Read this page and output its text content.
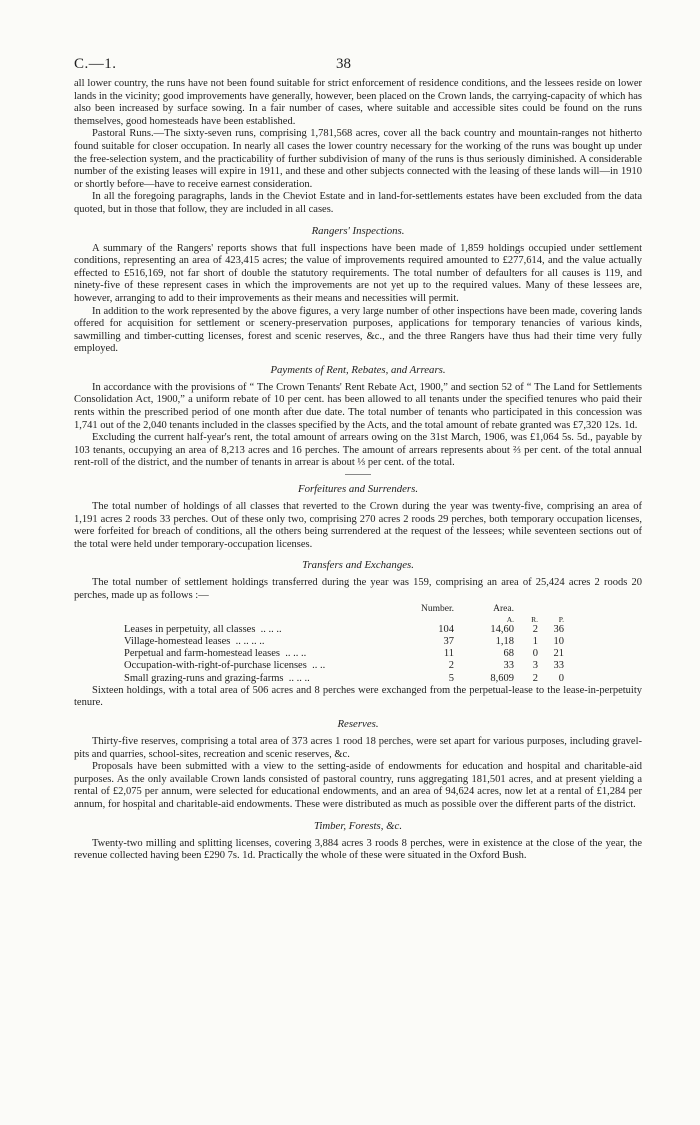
C.—1.	38

all lower country, the runs have not been found suitable for strict enforcement of residence conditions, and the lessees reside on lower lands in the vicinity; good improvements have generally, however, been placed on the Crown lands, the carrying-capacity of which has also been increased by surface sowing. In a fair number of cases, where suitable and accessible sites could be found on the runs themselves, good homesteads have been established.

Pastoral Runs.—The sixty-seven runs, comprising 1,781,568 acres, cover all the back country and mountain-ranges not hitherto found suitable for closer occupation. In nearly all cases the lower country necessary for the working of the runs was bought up under the free-selection system, and the practicability of further subdivision of many of the runs is thus seriously diminished. A considerable number of the existing leases will expire in 1911, and these and other subjects connected with the leasing of these lands will—in 1910 or shortly before—have to receive earnest consideration.

In all the foregoing paragraphs, lands in the Cheviot Estate and in land-for-settlements estates have been excluded from the data quoted, but in those that follow, they are included in all cases.

Rangers' Inspections.

A summary of the Rangers' reports shows that full inspections have been made of 1,859 holdings occupied under settlement conditions, representing an area of 423,415 acres; the value of improvements required amounted to £277,614, and the value actually effected to £516,169, not far short of double the statutory requirements. The total number of defaulters for all causes is 119, and ninety-five of these represent cases in which the improvements are not yet up to the required values. Many of these lessees are, however, arranging to add to their improvements as their means and necessities will permit.

In addition to the work represented by the above figures, a very large number of other inspections have been made, covering lands offered for acquisition for settlement or scenery-preservation purposes, applications for temporary tenancies of various kinds, sawmilling and timber-cutting licenses, forest and scenic reserves, &c., and the three Rangers have thus had their time very fully employed.

Payments of Rent, Rebates, and Arrears.

In accordance with the provisions of “ The Crown Tenants' Rent Rebate Act, 1900,” and section 52 of “ The Land for Settlements Consolidation Act, 1900,” a uniform rebate of 10 per cent. has been allowed to all tenants under the specified tenures who paid their rents within the prescribed period of one month after due date. The total number of tenants who participated in this concession was 1,741 out of the 2,040 tenants included in the classes specified by the Acts, and the total amount of rebate granted was £7,320 12s. 1d.

Excluding the current half-year's rent, the total amount of arrears owing on the 31st March, 1906, was £1,064 5s. 5d., payable by 103 tenants, occupying an area of 8,213 acres and 16 perches. The amount of arrears represents about ⅔ per cent. of the total annual rent-roll of the district, and the number of tenants in arrear is about ⅓ per cent. of the total.

Forfeitures and Surrenders.

The total number of holdings of all classes that reverted to the Crown during the year was twenty-five, comprising an area of 1,191 acres 2 roods 33 perches. Out of these only two, comprising 270 acres 2 roods 29 perches, both temporary occupation licenses, were forfeited for breach of conditions, all the others being surrendered at the request of the lessees; while seventeen sections out of the total were held under temporary-occupation licenses.

Transfers and Exchanges.

The total number of settlement holdings transferred during the year was 159, comprising an area of 25,424 acres 2 roods 20 perches, made up as follows :—

Number.	Area.
A.	R.	P.
Leases in perpetuity, all classes .. .. ..	104	14,60	2	36
Village-homestead leases .. .. .. ..	37	1,18	1	10
Perpetual and farm-homestead leases .. .. ..	11	68	0	21
Occupation-with-right-of-purchase licenses .. ..	2	33	3	33
Small grazing-runs and grazing-farms .. .. ..	5	8,609	2	0

Sixteen holdings, with a total area of 506 acres and 8 perches were exchanged from the perpetual-lease to the lease-in-perpetuity tenure.

Reserves.

Thirty-five reserves, comprising a total area of 373 acres 1 rood 18 perches, were set apart for various purposes, including gravel-pits and quarries, school-sites, recreation and scenic reserves, &c.

Proposals have been submitted with a view to the setting-aside of endowments for education and hospital and charitable-aid purposes. As the only available Crown lands consisted of pastoral country, runs aggregating 181,501 acres, and at present yielding a rental of £2,075 per annum, were selected for educational endowments, and an area of 94,624 acres, now let at a rental of £1,284 per annum, for hospital and charitable-aid endowments. These were distributed as much as possible over the different parts of the district.

Timber, Forests, &c.

Twenty-two milling and splitting licenses, covering 3,884 acres 3 roods 8 perches, were in existence at the close of the year, the revenue collected having been £290 7s. 1d. Practically the whole of these were situated in the Oxford Bush.
